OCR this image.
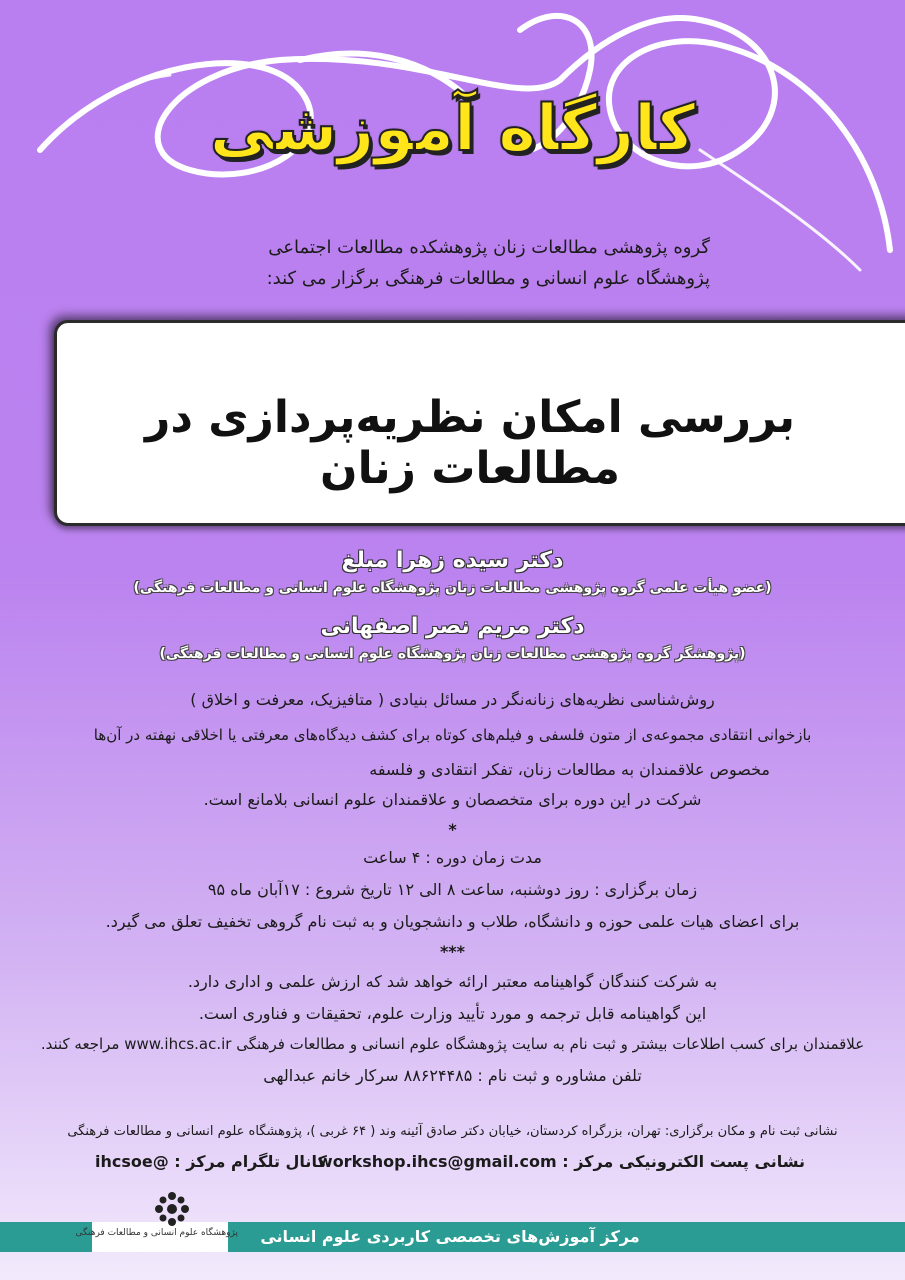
کارگاه آموزشی
گروه پژوهشی مطالعات زنان پژوهشکده مطالعات اجتماعی
پژوهشگاه علوم انسانی و مطالعات فرهنگی برگزار می کند:
بررسی امکان نظریه‌پردازی در مطالعات زنان
دکتر سیده زهرا مبلغ
(عضو هیأت علمی گروه پژوهشی مطالعات زنان پژوهشگاه علوم انسانی و مطالعات فرهنگی)
دکتر مریم نصر اصفهانی
(پژوهشگر گروه پژوهشی مطالعات زنان پژوهشگاه علوم انسانی و مطالعات فرهنگی)
روش‌شناسی نظریه‌های زنانه‌نگر در مسائل بنیادی ( متافیزیک، معرفت و اخلاق )
بازخوانی انتقادی مجموعه‌ی از متون فلسفی و فیلم‌های کوتاه برای کشف دیدگاه‌های معرفتی یا اخلاقی نهفته در آن‌ها
مخصوص علاقمندان به مطالعات زنان، تفکر انتقادی و فلسفه
شرکت در این دوره برای متخصصان و علاقمندان علوم انسانی بلامانع است.
*
مدت زمان دوره : ۴ ساعت
زمان برگزاری : روز دوشنبه، ساعت ۸ الی ۱۲ تاریخ شروع : ۱۷آبان ماه ۹۵
برای اعضای هیات علمی حوزه و دانشگاه، طلاب و دانشجویان و به ثبت نام گروهی تخفیف تعلق می گیرد.
***
به شرکت کنندگان گواهینامه معتبر ارائه خواهد شد که ارزش علمی و اداری دارد.
این گواهینامه قابل ترجمه و مورد تأیید وزارت علوم، تحقیقات و فناوری است.
علاقمندان برای کسب اطلاعات بیشتر و ثبت نام به سایت پژوهشگاه علوم انسانی و مطالعات فرهنگی www.ihcs.ac.ir مراجعه کنند.
تلفن مشاوره و ثبت نام : ۸۸۶۲۴۴۸۵ سرکار خانم عبدالهی
نشانی ثبت نام و مکان برگزاری: تهران، بزرگراه کردستان، خیابان دکتر صادق آئینه وند ( ۶۴ غربی )، پژوهشگاه علوم انسانی و مطالعات فرهنگی
نشانی پست الکترونیکی مرکز : workshop.ihcs@gmail.com
کانال تلگرام مرکز : @ihcsoe
پژوهشگاه علوم انسانی و مطالعات فرهنگی	مرکز آموزش‌های تخصصی کاربردی علوم انسانی
